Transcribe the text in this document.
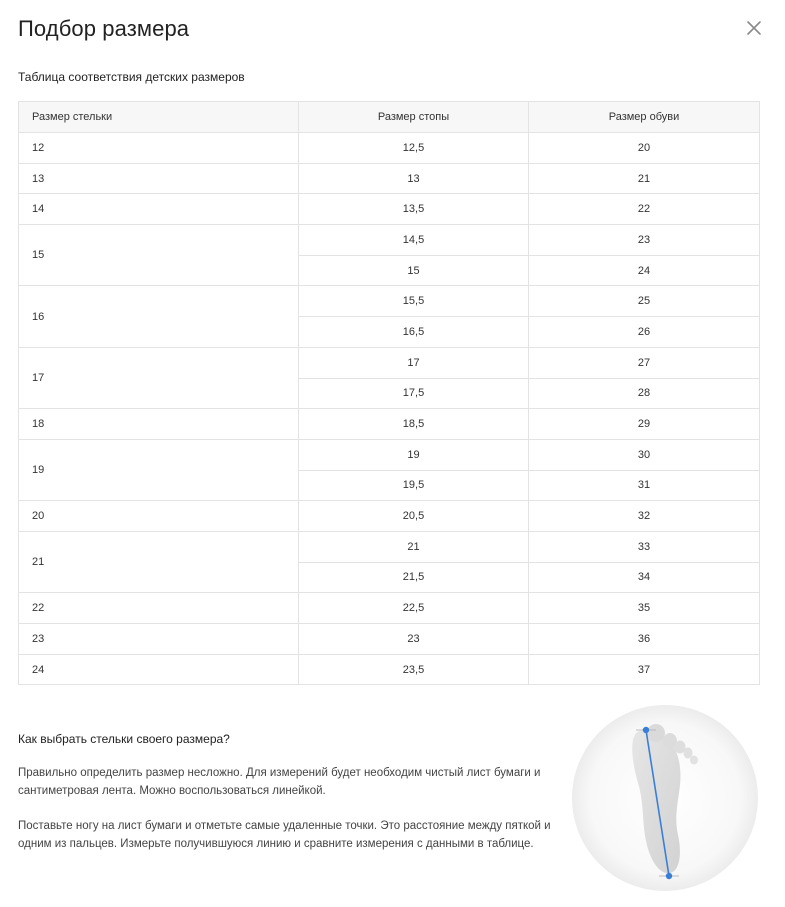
Подбор размера
Таблица соответствия детских размеров
Размер стельки	Размер стопы	Размер обуви
12	12,5	20
13	13	21
14	13,5	22
15	14,5	23
	15	24
16	15,5	25
	16,5	26
17	17	27
	17,5	28
18	18,5	29
19	19	30
	19,5	31
20	20,5	32
21	21	33
	21,5	34
22	22,5	35
23	23	36
24	23,5	37
Как выбрать стельки своего размера?

Правильно определить размер несложно. Для измерений будет необходим чистый лист бумаги и сантиметровая лента. Можно воспользоваться линейкой.

Поставьте ногу на лист бумаги и отметьте самые удаленные точки. Это расстояние между пяткой и одним из пальцев. Измерьте получившуюся линию и сравните измерения с данными в таблице.
